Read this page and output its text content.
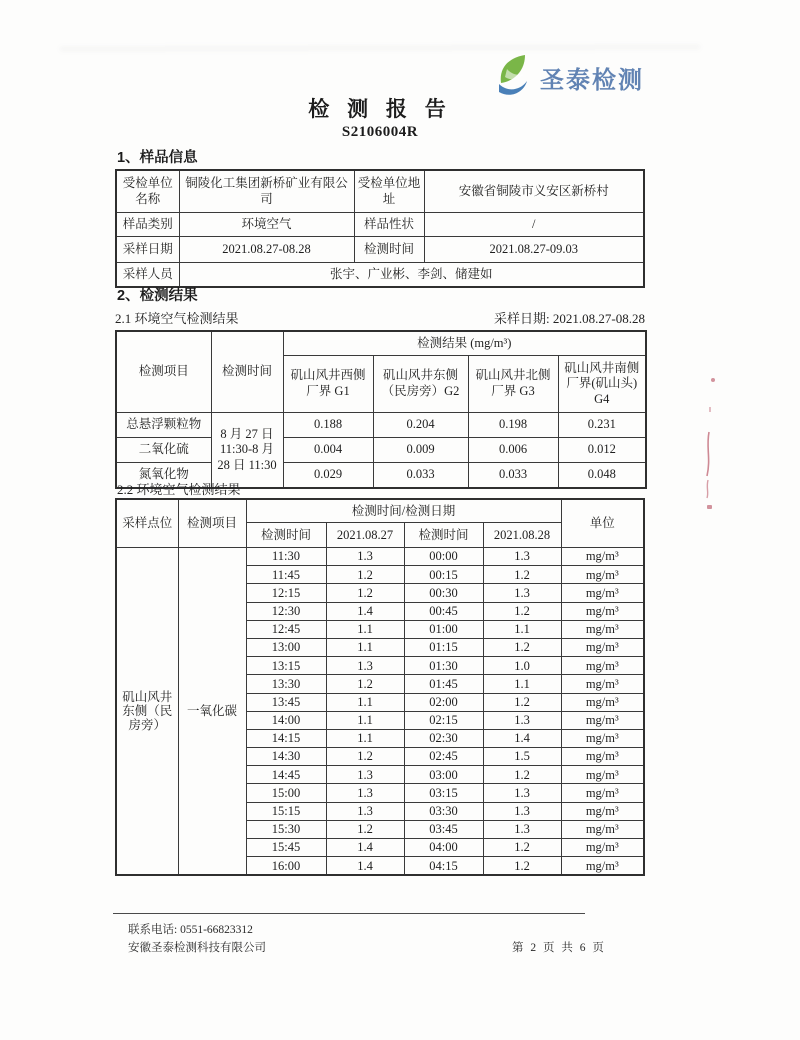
圣泰检测
检 测 报 告
S2106004R
1、样品信息
受检单位名称	铜陵化工集团新桥矿业有限公司	受检单位地址	安徽省铜陵市义安区新桥村
样品类别	环境空气	样品性状	/
采样日期	2021.08.27-08.28	检测时间	2021.08.27-09.03
采样人员	张宇、广业彬、李剑、储建如		
2、检测结果
2.1 环境空气检测结果	采样日期: 2021.08.27-08.28
检测项目	检测时间	检测结果 (mg/m³)			
		矶山风井西侧厂界 G1	矶山风井东侧（民房旁）G2	矶山风井北侧厂界 G3	矶山风井南侧厂界(矶山头) G4
总悬浮颗粒物	8 月 27 日 11:30-8 月 28 日 11:30	0.188	0.204	0.198	0.231
二氧化硫		0.004	0.009	0.006	0.012
氮氧化物		0.029	0.033	0.033	0.048
2.2 环境空气检测结果
采样点位	检测项目	检测时间/检测日期				单位
		检测时间	2021.08.27	检测时间	2021.08.28	
矶山风井东侧（民房旁）	一氧化碳	11:30	1.3	00:00	1.3	mg/m³
		11:45	1.2	00:15	1.2	mg/m³
		12:15	1.2	00:30	1.3	mg/m³
		12:30	1.4	00:45	1.2	mg/m³
		12:45	1.1	01:00	1.1	mg/m³
		13:00	1.1	01:15	1.2	mg/m³
		13:15	1.3	01:30	1.0	mg/m³
		13:30	1.2	01:45	1.1	mg/m³
		13:45	1.1	02:00	1.2	mg/m³
		14:00	1.1	02:15	1.3	mg/m³
		14:15	1.1	02:30	1.4	mg/m³
		14:30	1.2	02:45	1.5	mg/m³
		14:45	1.3	03:00	1.2	mg/m³
		15:00	1.3	03:15	1.3	mg/m³
		15:15	1.3	03:30	1.3	mg/m³
		15:30	1.2	03:45	1.3	mg/m³
		15:45	1.4	04:00	1.2	mg/m³
		16:00	1.4	04:15	1.2	mg/m³
联系电话: 0551-66823312
安徽圣泰检测科技有限公司	第 2 页 共 6 页
